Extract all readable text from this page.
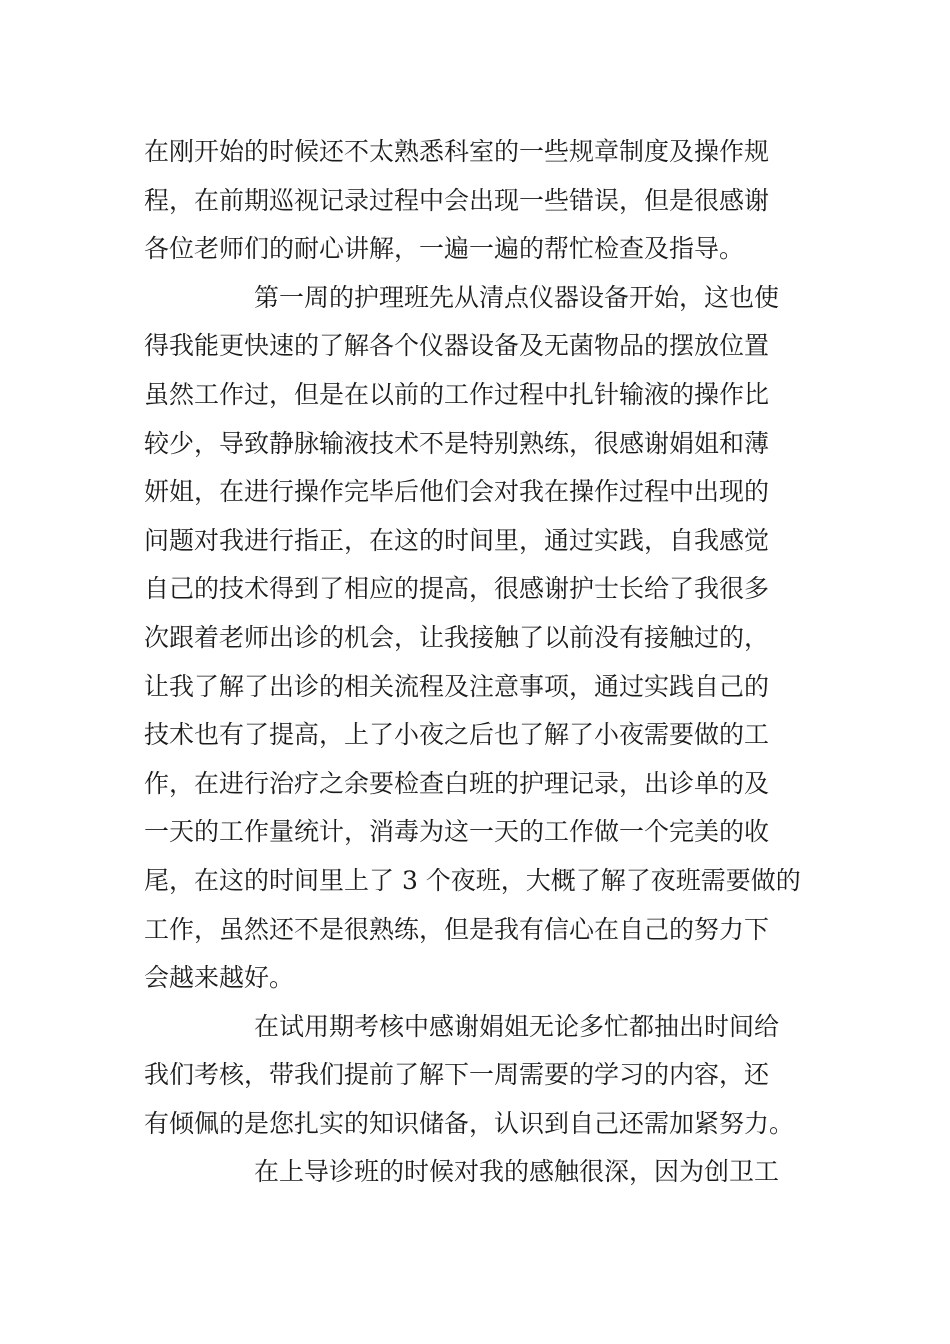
在刚开始的时候还不太熟悉科室的一些规章制度及操作规
程，在前期巡视记录过程中会出现一些错误，但是很感谢
各位老师们的耐心讲解，一遍一遍的帮忙检查及指导。
第一周的护理班先从清点仪器设备开始，这也使
得我能更快速的了解各个仪器设备及无菌物品的摆放位置
虽然工作过，但是在以前的工作过程中扎针输液的操作比
较少，导致静脉输液技术不是特别熟练，很感谢娟姐和薄
妍姐，在进行操作完毕后他们会对我在操作过程中出现的
问题对我进行指正，在这的时间里，通过实践，自我感觉
自己的技术得到了相应的提高，很感谢护士长给了我很多
次跟着老师出诊的机会，让我接触了以前没有接触过的，
让我了解了出诊的相关流程及注意事项，通过实践自己的
技术也有了提高，上了小夜之后也了解了小夜需要做的工
作，在进行治疗之余要检查白班的护理记录，出诊单的及
一天的工作量统计，消毒为这一天的工作做一个完美的收
尾，在这的时间里上了 3 个夜班，大概了解了夜班需要做的
工作，虽然还不是很熟练，但是我有信心在自己的努力下
会越来越好。
在试用期考核中感谢娟姐无论多忙都抽出时间给
我们考核，带我们提前了解下一周需要的学习的内容，还
有倾佩的是您扎实的知识储备，认识到自己还需加紧努力。
在上导诊班的时候对我的感触很深，因为创卫工
